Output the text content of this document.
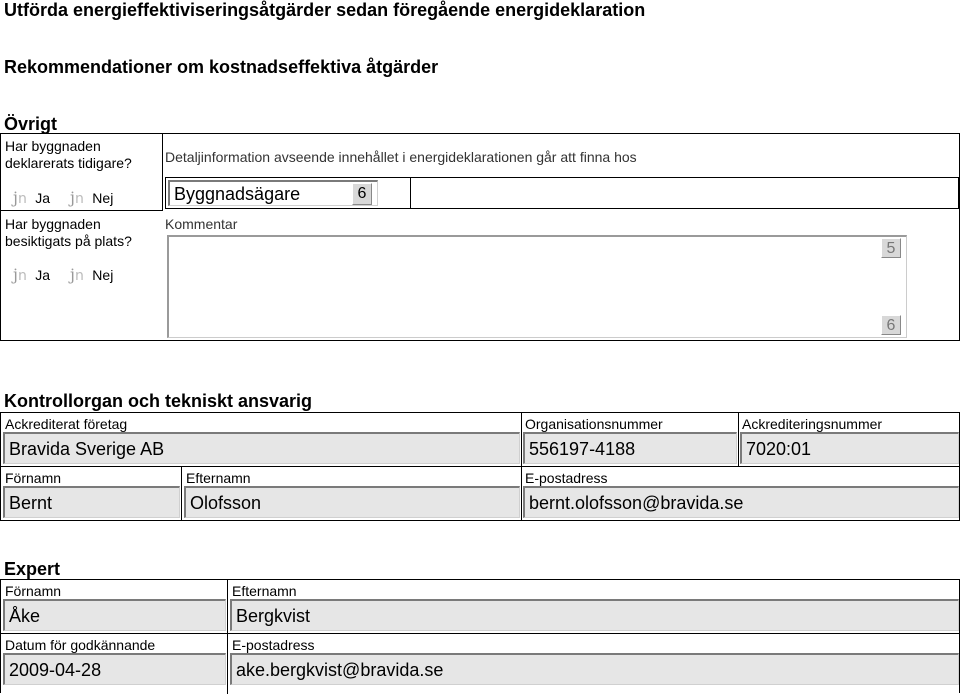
Utförda energieffektiviseringsåtgärder sedan föregående energideklaration
Rekommendationer om kostnadseffektiva åtgärder
Övrigt
Har byggnaden deklarerats tidigare?
jn Ja jn Nej
Har byggnaden besiktigats på plats?
jn Ja jn Nej
Detaljinformation avseende innehållet i energideklarationen går att finna hos
Byggnadsägare	6
Kommentar
5
6
Kontrollorgan och tekniskt ansvarig
Ackrediterat företag
Bravida Sverige AB
Organisationsnummer
556197-4188
Ackrediteringsnummer
7020:01
Förnamn
Bernt
Efternamn
Olofsson
E-postadress
bernt.olofsson@bravida.se
Expert
Förnamn
Åke
Efternamn
Bergkvist
Datum för godkännande
2009-04-28
E-postadress
ake.bergkvist@bravida.se
